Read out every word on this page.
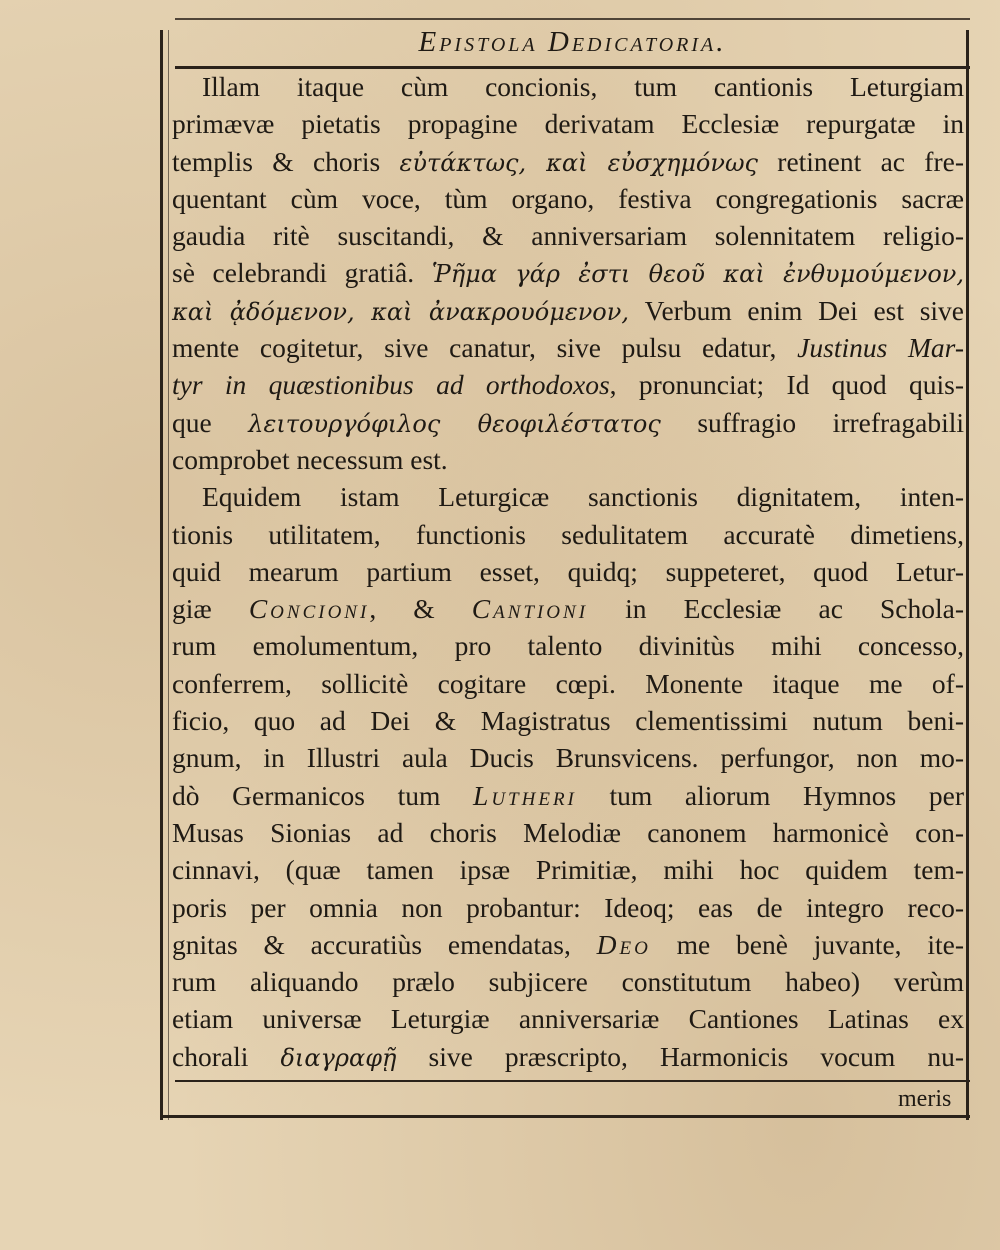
Epistola Dedicatoria.
Illam itaque cùm concionis, tum cantionis Leturgiam
primævæ pietatis propagine derivatam Ecclesiæ repurgatæ in
templis & choris εὐτάκτως, καὶ εὐσχημόνως retinent ac fre-
quentant cùm voce, tùm organo, festiva congregationis sacræ
gaudia ritè suscitandi, & anniversariam solennitatem religio-
sè celebrandi gratiâ. Ῥῆμα γάρ ἐστι θεοῦ καὶ ἐνθυμούμενον,
καὶ ᾀδόμενον, καὶ ἀνακρουόμενον, Verbum enim Dei est sive
mente cogitetur, sive canatur, sive pulsu edatur, Justinus Mar-
tyr in quæstionibus ad orthodoxos, pronunciat; Id quod quis-
que λειτουργόφιλος θεοφιλέστατος suffragio irrefragabili
comprobet necessum est.
Equidem istam Leturgicæ sanctionis dignitatem, inten-
tionis utilitatem, functionis sedulitatem accuratè dimetiens,
quid mearum partium esset, quidq; suppeteret, quod Letur-
giæ Concioni, & Cantioni in Ecclesiæ ac Schola-
rum emolumentum, pro talento divinitùs mihi concesso,
conferrem, sollicitè cogitare cœpi. Monente itaque me of-
ficio, quo ad Dei & Magistratus clementissimi nutum beni-
gnum, in Illustri aula Ducis Brunsvicens. perfungor, non mo-
dò Germanicos tum Lutheri tum aliorum Hymnos per
Musas Sionias ad choris Melodiæ canonem harmonicè con-
cinnavi, (quæ tamen ipsæ Primitiæ, mihi hoc quidem tem-
poris per omnia non probantur: Ideoq; eas de integro reco-
gnitas & accuratiùs emendatas, Deo me benè juvante, ite-
rum aliquando prælo subjicere constitutum habeo) verùm
etiam universæ Leturgiæ anniversariæ Cantiones Latinas ex
chorali διαγραφῇ sive præscripto, Harmonicis vocum nu-
meris
